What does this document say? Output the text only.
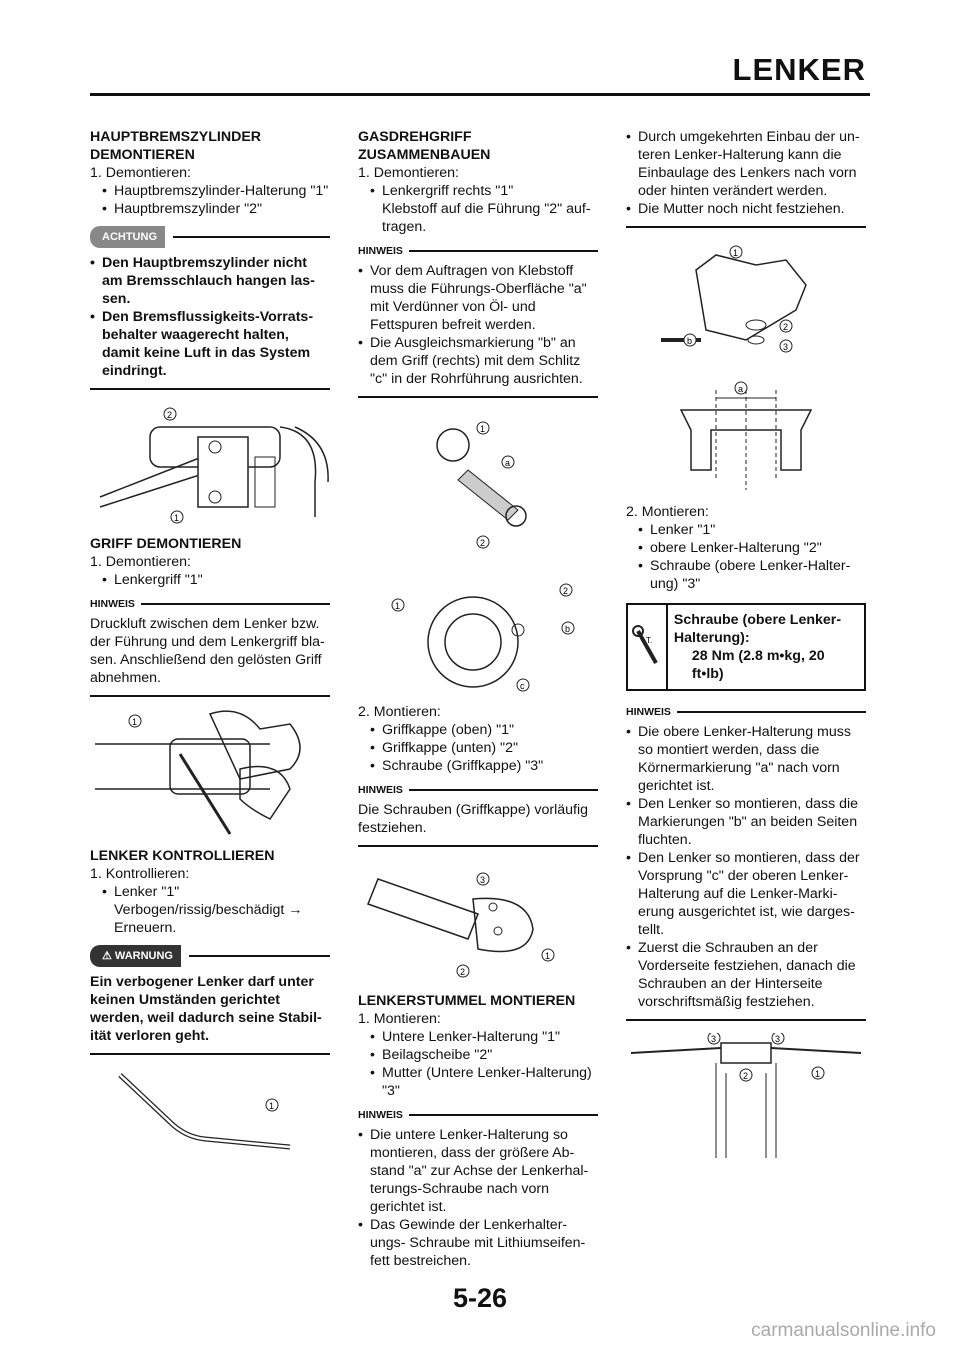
LENKER

HAUPTBREMSZYLINDER DEMONTIEREN

1. Demontieren:

• Hauptbremszylinder-Halterung "1"

• Hauptbremszylinder "2"

ACHTUNG

• Den Hauptbremszylinder nicht am Bremsschlauch hangen las-sen.

• Den Bremsflussigkeits-Vorrats-behalter waagerecht halten, damit keine Luft in das System eindringt.

2
1

GRIFF DEMONTIEREN

1. Demontieren:

• Lenkergriff "1"

HINWEIS

Druckluft zwischen dem Lenker bzw. der Führung und dem Lenkergriff bla-sen. Anschließend den gelösten Griff abnehmen.

1

LENKER KONTROLLIEREN

1. Kontrollieren:

• Lenker "1"

Verbogen/rissig/beschädigt →

Erneuern.

⚠ WARNUNG

Ein verbogener Lenker darf unter keinen Umständen gerichtet werden, weil dadurch seine Stabil-ität verloren geht.

1

GASDREHGRIFF ZUSAMMENBAUEN

1. Demontieren:

• Lenkergriff rechts "1"

Klebstoff auf die Führung "2" auf-tragen.

HINWEIS

• Vor dem Auftragen von Klebstoff muss die Führungs-Oberfläche "a" mit Verdünner von Öl- und Fettspuren befreit werden.

• Die Ausgleichsmarkierung "b" an dem Griff (rechts) mit dem Schlitz "c" in der Rohrführung ausrichten.

1
a
2
1
2
b
c

2. Montieren:

• Griffkappe (oben) "1"

• Griffkappe (unten) "2"

• Schraube (Griffkappe) "3"

HINWEIS

Die Schrauben (Griffkappe) vorläufig festziehen.

3
2
1

LENKERSTUMMEL MONTIEREN

1. Montieren:

• Untere Lenker-Halterung "1"

• Beilagscheibe "2"

• Mutter (Untere Lenker-Halterung) "3"

HINWEIS

• Die untere Lenker-Halterung so montieren, dass der größere Ab-stand "a" zur Achse der Lenkerhal-terungs-Schraube nach vorn gerichtet ist.

• Das Gewinde der Lenkerhalter-ungs- Schraube mit Lithiumseifen-fett bestreichen.

• Durch umgekehrten Einbau der un-teren Lenker-Halterung kann die Einbaulage des Lenkers nach vorn oder hinten verändert werden.

• Die Mutter noch nicht festziehen.

1
2
3
b
a

2. Montieren:

• Lenker "1"

• obere Lenker-Halterung "2"

• Schraube (obere Lenker-Halter-ung) "3"

T.
Schraube (obere Lenker-Halterung):
28 Nm (2.8 m•kg, 20 ft•lb)
HINWEIS

• Die obere Lenker-Halterung muss so montiert werden, dass die Körnermarkierung "a" nach vorn gerichtet ist.

• Den Lenker so montieren, dass die Markierungen "b" an beiden Seiten fluchten.

• Den Lenker so montieren, dass der Vorsprung "c" der oberen Lenker-Halterung auf die Lenker-Marki-erung ausgerichtet ist, wie darges-tellt.

• Zuerst die Schrauben an der Vorderseite festziehen, danach die Schrauben an der Hinterseite vorschriftsmäßig festziehen.

2
3	3
1
5-26
carmanualsonline.info
